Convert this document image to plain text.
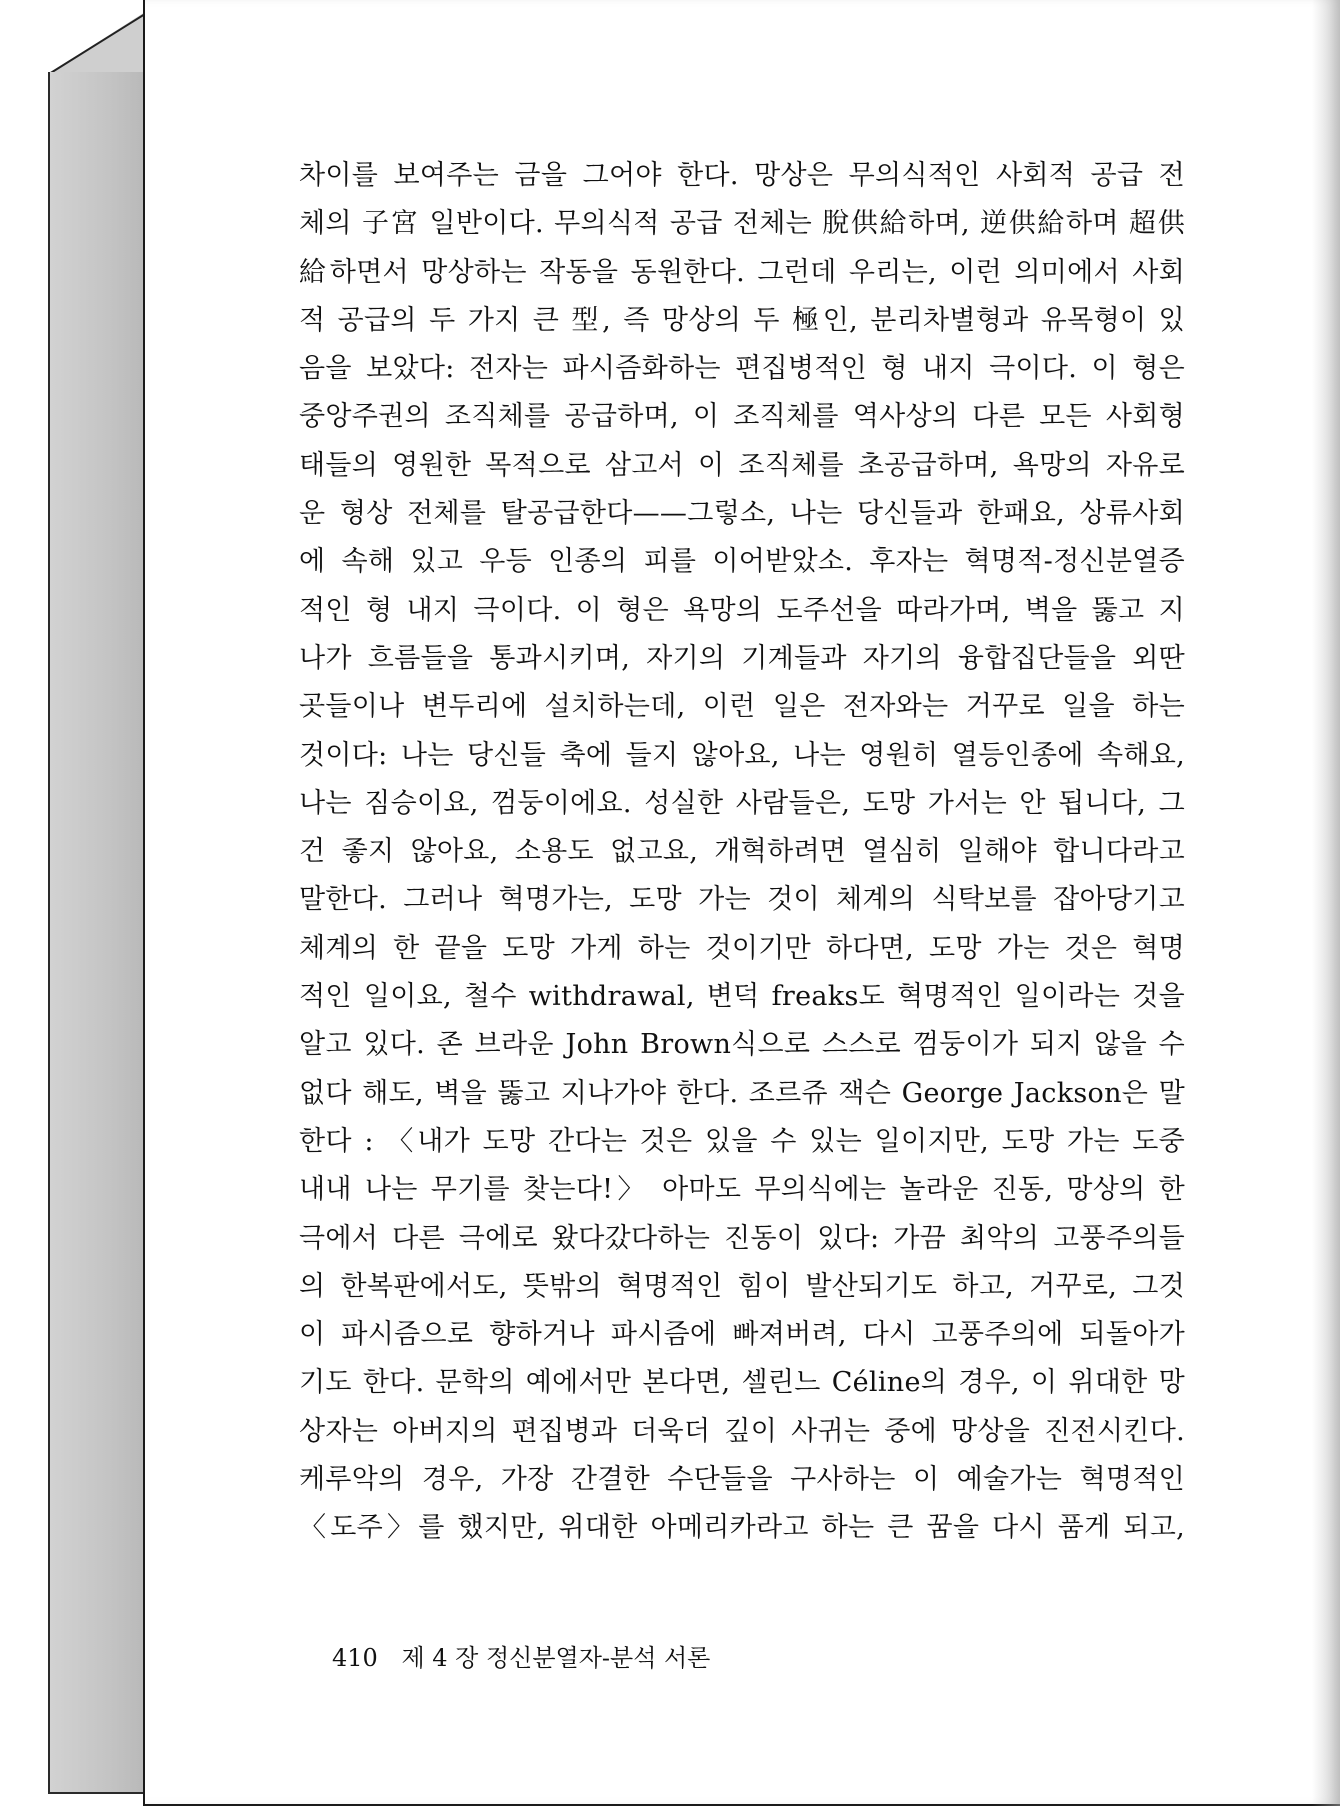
차이를 보여주는 금을 그어야 한다. 망상은 무의식적인 사회적 공급 전
체의 子宮 일반이다. 무의식적 공급 전체는 脫供給하며, 逆供給하며 超供
給하면서 망상하는 작동을 동원한다. 그런데 우리는, 이런 의미에서 사회
적 공급의 두 가지 큰 型, 즉 망상의 두 極인, 분리차별형과 유목형이 있
음을 보았다: 전자는 파시즘화하는 편집병적인 형 내지 극이다. 이 형은
중앙주권의 조직체를 공급하며, 이 조직체를 역사상의 다른 모든 사회형
태들의 영원한 목적으로 삼고서 이 조직체를 초공급하며, 욕망의 자유로
운 형상 전체를 탈공급한다——그렇소, 나는 당신들과 한패요, 상류사회
에 속해 있고 우등 인종의 피를 이어받았소. 후자는 혁명적-정신분열증
적인 형 내지 극이다. 이 형은 욕망의 도주선을 따라가며, 벽을 뚫고 지
나가 흐름들을 통과시키며, 자기의 기계들과 자기의 융합집단들을 외딴
곳들이나 변두리에 설치하는데, 이런 일은 전자와는 거꾸로 일을 하는
것이다: 나는 당신들 축에 들지 않아요, 나는 영원히 열등인종에 속해요,
나는 짐승이요, 껌둥이에요. 성실한 사람들은, 도망 가서는 안 됩니다, 그
건 좋지 않아요, 소용도 없고요, 개혁하려면 열심히 일해야 합니다라고
말한다. 그러나 혁명가는, 도망 가는 것이 체계의 식탁보를 잡아당기고
체계의 한 끝을 도망 가게 하는 것이기만 하다면, 도망 가는 것은 혁명
적인 일이요, 철수 withdrawal, 변덕 freaks도 혁명적인 일이라는 것을
알고 있다. 존 브라운 John Brown식으로 스스로 껌둥이가 되지 않을 수
없다 해도, 벽을 뚫고 지나가야 한다. 조르쥬 잭슨 George Jackson은 말
한다 : 〈내가 도망 간다는 것은 있을 수 있는 일이지만, 도망 가는 도중
내내 나는 무기를 찾는다!〉 아마도 무의식에는 놀라운 진동, 망상의 한
극에서 다른 극에로 왔다갔다하는 진동이 있다: 가끔 최악의 고풍주의들
의 한복판에서도, 뜻밖의 혁명적인 힘이 발산되기도 하고, 거꾸로, 그것
이 파시즘으로 향하거나 파시즘에 빠져버려, 다시 고풍주의에 되돌아가
기도 한다. 문학의 예에서만 본다면, 셀린느 Céline의 경우, 이 위대한 망
상자는 아버지의 편집병과 더욱더 깊이 사귀는 중에 망상을 진전시킨다.
케루악의 경우, 가장 간결한 수단들을 구사하는 이 예술가는 혁명적인
〈도주〉를 했지만, 위대한 아메리카라고 하는 큰 꿈을 다시 품게 되고,
410 제 4 장 정신분열자-분석 서론
